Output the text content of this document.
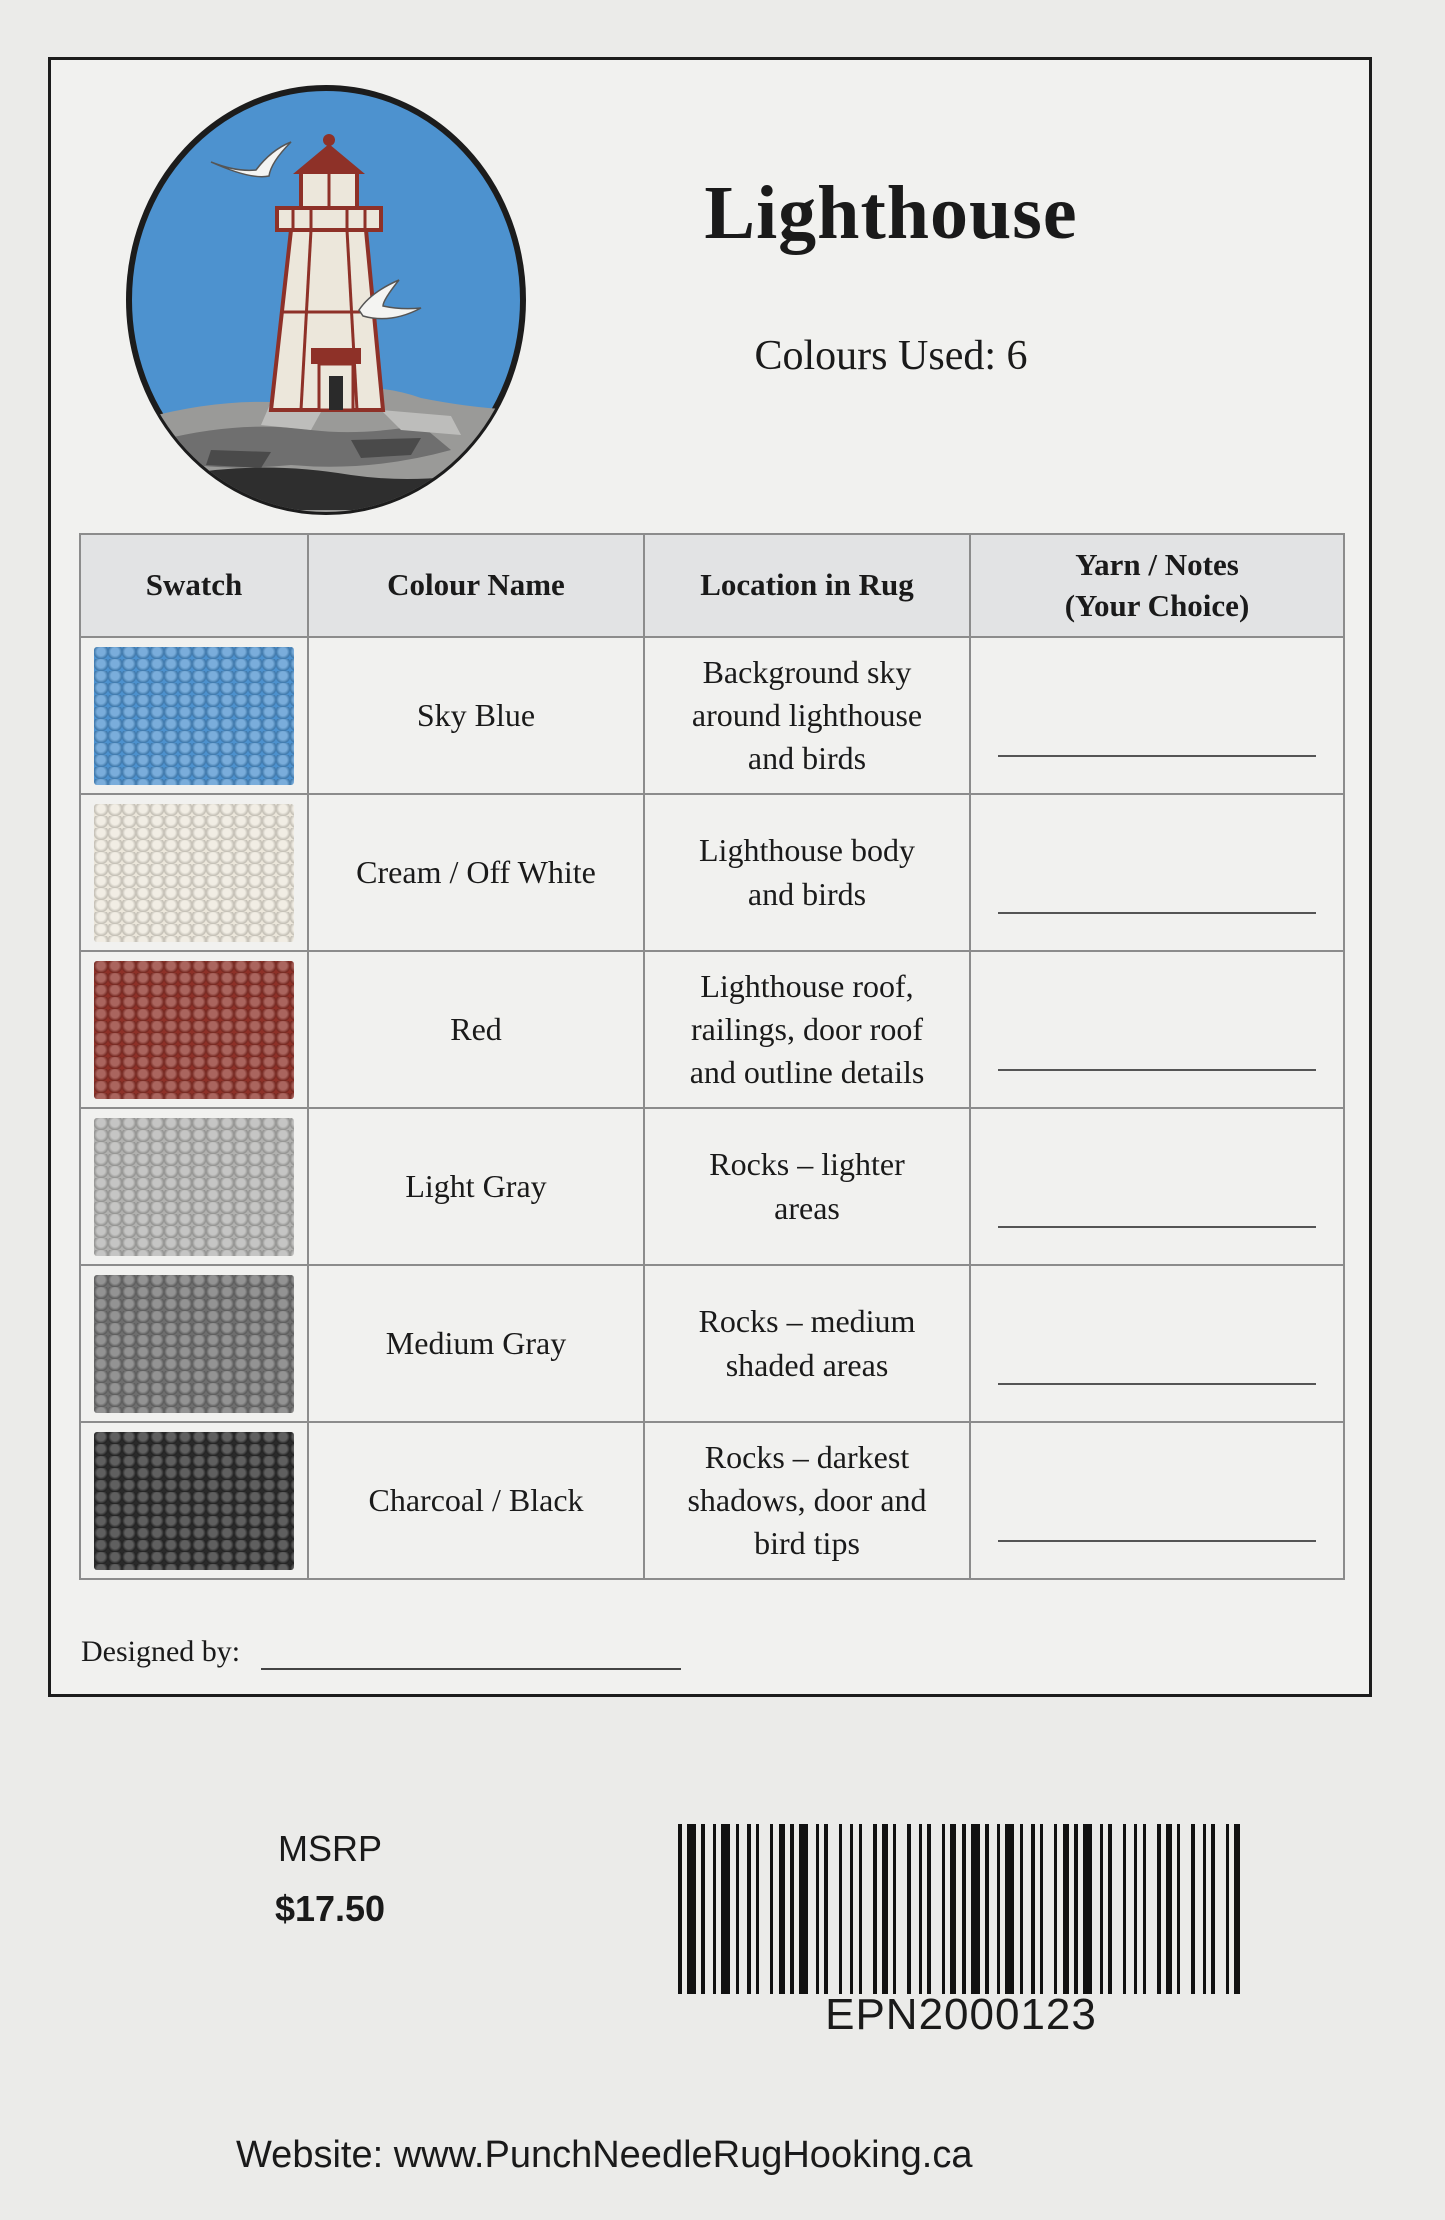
Lighthouse
Colours Used: 6
Swatch	Colour Name	Location in Rug	Yarn / Notes
(Your Choice)

	Sky Blue	Background sky
around lighthouse
and birds	

	Cream / Off White	Lighthouse body
and birds	

	Red	Lighthouse roof,
railings, door roof
and outline details	

	Light Gray	Rocks – lighter
areas	

	Medium Gray	Rocks – medium
shaded areas	

	Charcoal / Black	Rocks – darkest
shadows, door and
bird tips	
Designed by:
MSRP
$17.50
EPN2000123
Website: www.PunchNeedleRugHooking.ca
